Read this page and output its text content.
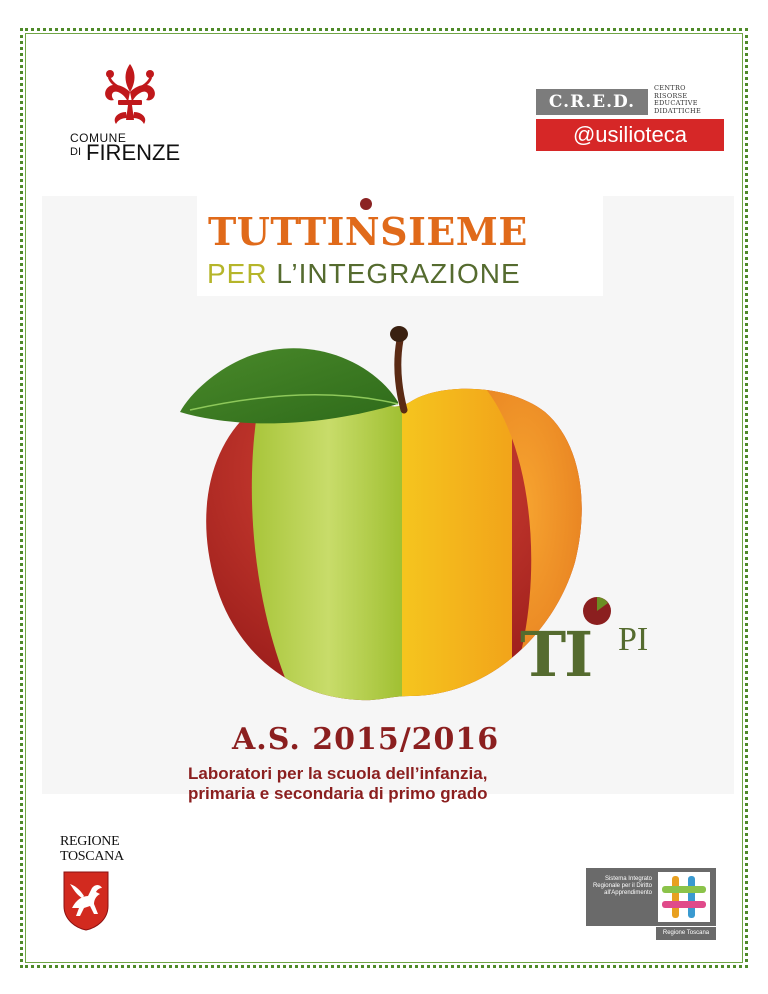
COMUNE
DI FIRENZE
C.R.E.D.
CENTRO
RISORSE
EDUCATIVE
DIDATTICHE
@usilioteca
TUTTINSIEME
PER L’INTEGRAZIONE
TI PI
A.S. 2015/2016
Laboratori per la scuola dell’infanzia,
primaria e secondaria di primo grado
REGIONE
TOSCANA
Sistema Integrato Regionale per il Diritto all'Apprendimento
Regione Toscana
